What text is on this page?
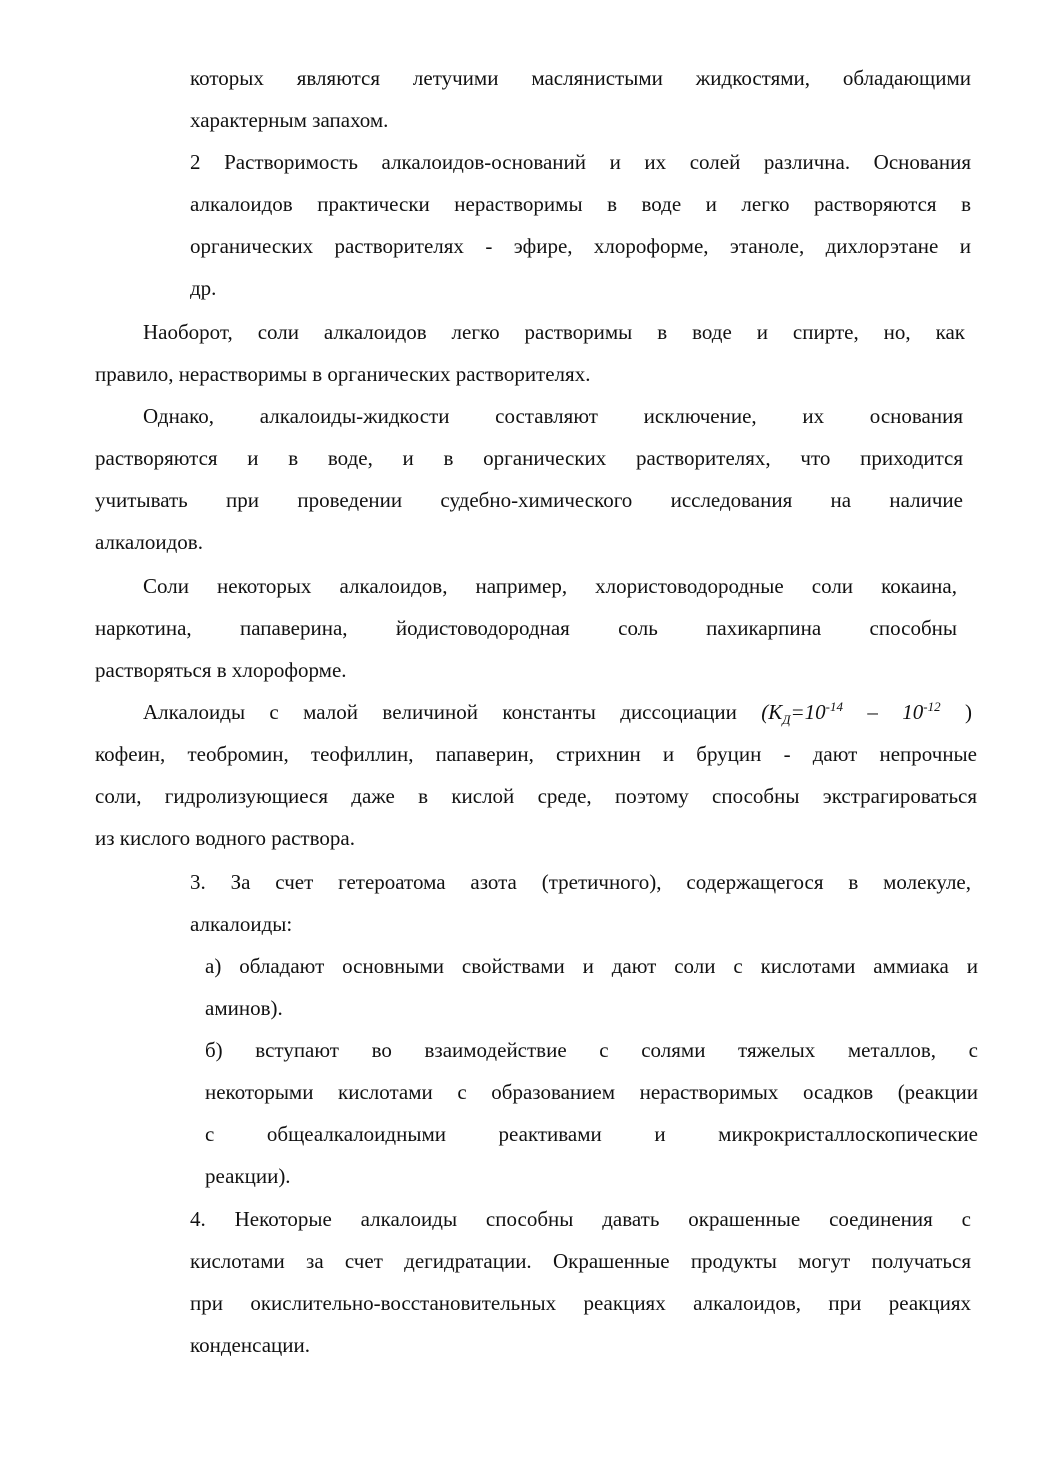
которых являются летучими маслянистыми жидкостями, обладающими
характерным запахом.
2 Растворимость алкалоидов-оснований и их солей различна. Основания
алкалоидов практически нерастворимы в воде и легко растворяются в
органических растворителях - эфире, хлороформе, этаноле, дихлорэтане и
др.
Наоборот, соли алкалоидов легко растворимы в воде и спирте, но, как
правило, нерастворимы в органических растворителях.
Однако, алкалоиды-жидкости составляют исключение, их основания
растворяются и в воде, и в органических растворителях, что приходится
учитывать при проведении судебно-химического исследования на наличие
алкалоидов.
Соли некоторых алкалоидов, например, хлористоводородные соли кокаина,
наркотина, папаверина, йодистоводородная соль пахикарпина способны
растворяться в хлороформе.
Алкалоиды с малой величиной константы диссоциации ($К_Д=10^{-14} - 10^{-12}$ )
кофеин, теобромин, теофиллин, папаверин, стрихнин и бруцин - дают непрочные
соли, гидролизующиеся даже в кислой среде, поэтому способны экстрагироваться
из кислого водного раствора.
3. За счет гетероатома азота (третичного), содержащегося в молекуле,
алкалоиды:
а) обладают основными свойствами и дают соли с кислотами аммиака и
аминов).
б) вступают во взаимодействие с солями тяжелых металлов, с
некоторыми кислотами с образованием нерастворимых осадков (реакции
с общеалкалоидными реактивами и микрокристаллоскопические
реакции).
4. Некоторые алкалоиды способны давать окрашенные соединения с
кислотами за счет дегидратации. Окрашенные продукты могут получаться
при окислительно-восстановительных реакциях алкалоидов, при реакциях
конденсации.
